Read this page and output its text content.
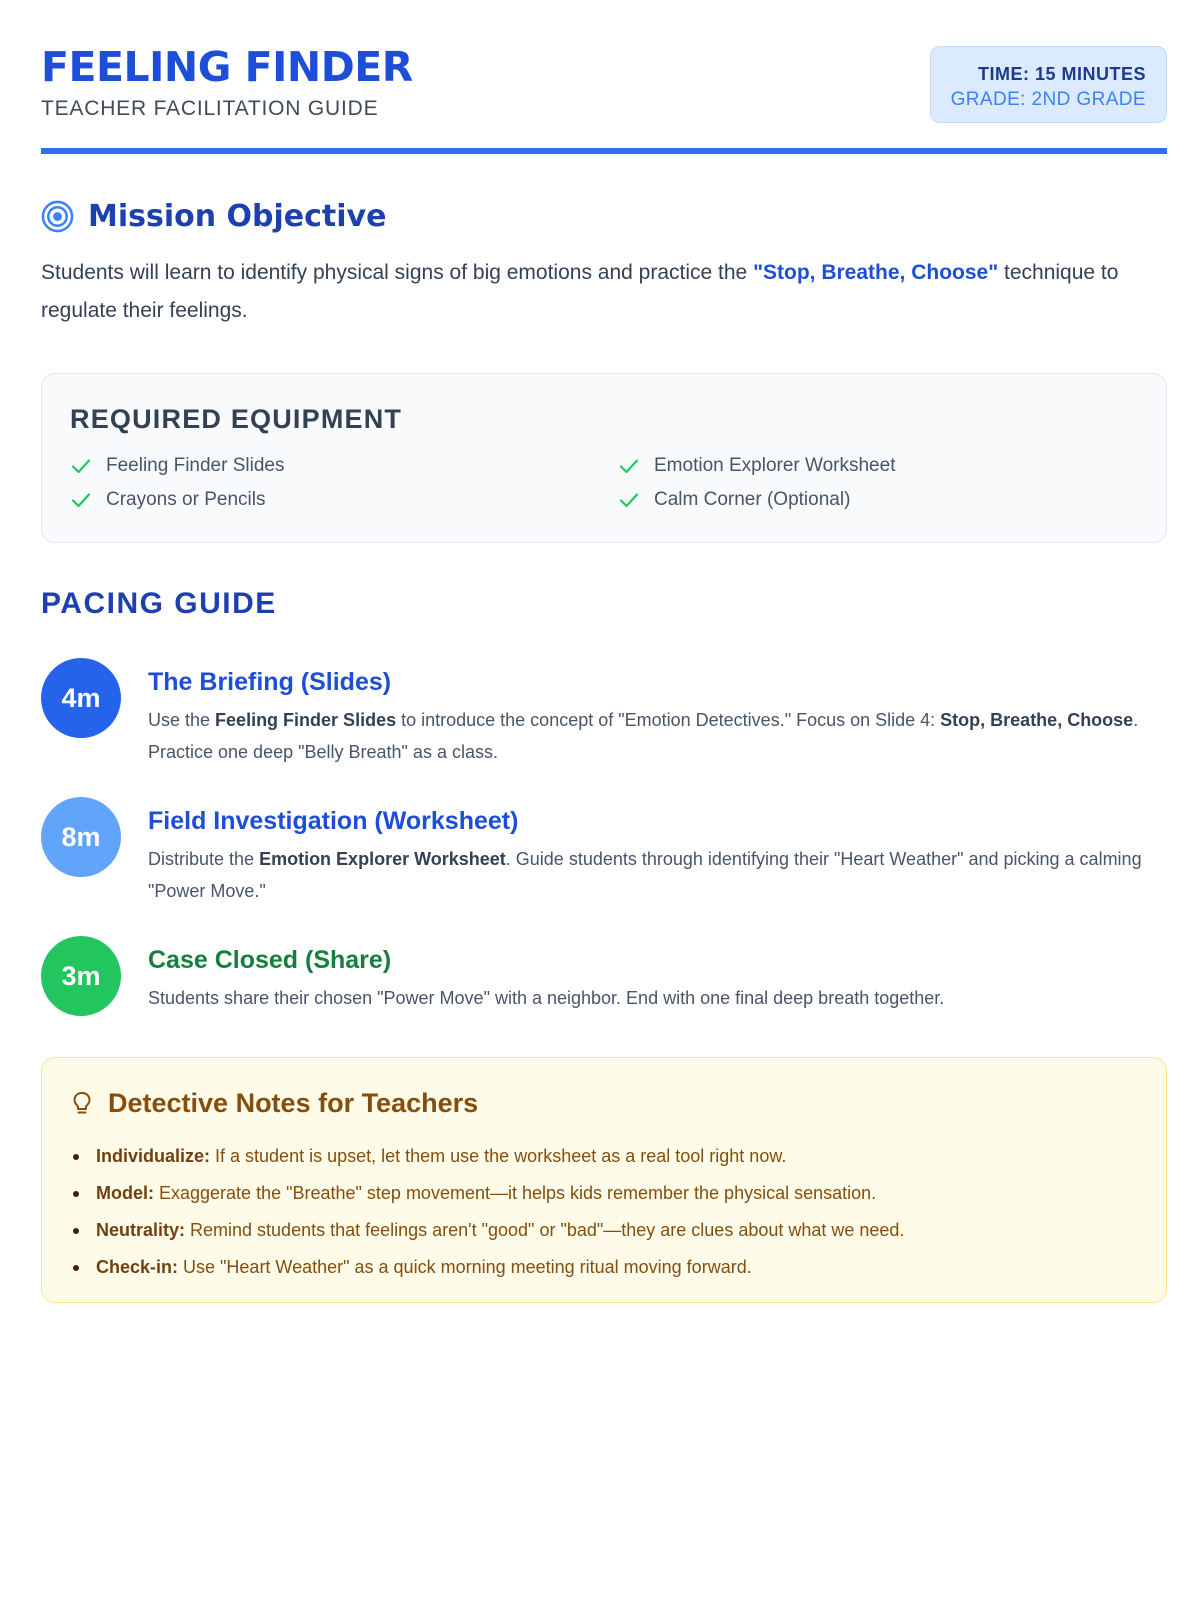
FEELING FINDER
TEACHER FACILITATION GUIDE
TIME: 15 MINUTES
GRADE: 2ND GRADE
Mission Objective

Students will learn to identify physical signs of big emotions and practice the "Stop, Breathe, Choose" technique to regulate their feelings.

REQUIRED EQUIPMENT
Feeling Finder Slides	Emotion Explorer Worksheet
Crayons or Pencils	Calm Corner (Optional)
PACING GUIDE
4m
The Briefing (Slides)
Use the Feeling Finder Slides to introduce the concept of "Emotion Detectives." Focus on Slide 4: Stop, Breathe, Choose. Practice one deep "Belly Breath" as a class.
8m
Field Investigation (Worksheet)
Distribute the Emotion Explorer Worksheet. Guide students through identifying their "Heart Weather" and picking a calming "Power Move."
3m
Case Closed (Share)
Students share their chosen "Power Move" with a neighbor. End with one final deep breath together.
Detective Notes for Teachers
Individualize: If a student is upset, let them use the worksheet as a real tool right now.
Model: Exaggerate the "Breathe" step movement—it helps kids remember the physical sensation.
Neutrality: Remind students that feelings aren't "good" or "bad"—they are clues about what we need.
Check-in: Use "Heart Weather" as a quick morning meeting ritual moving forward.
